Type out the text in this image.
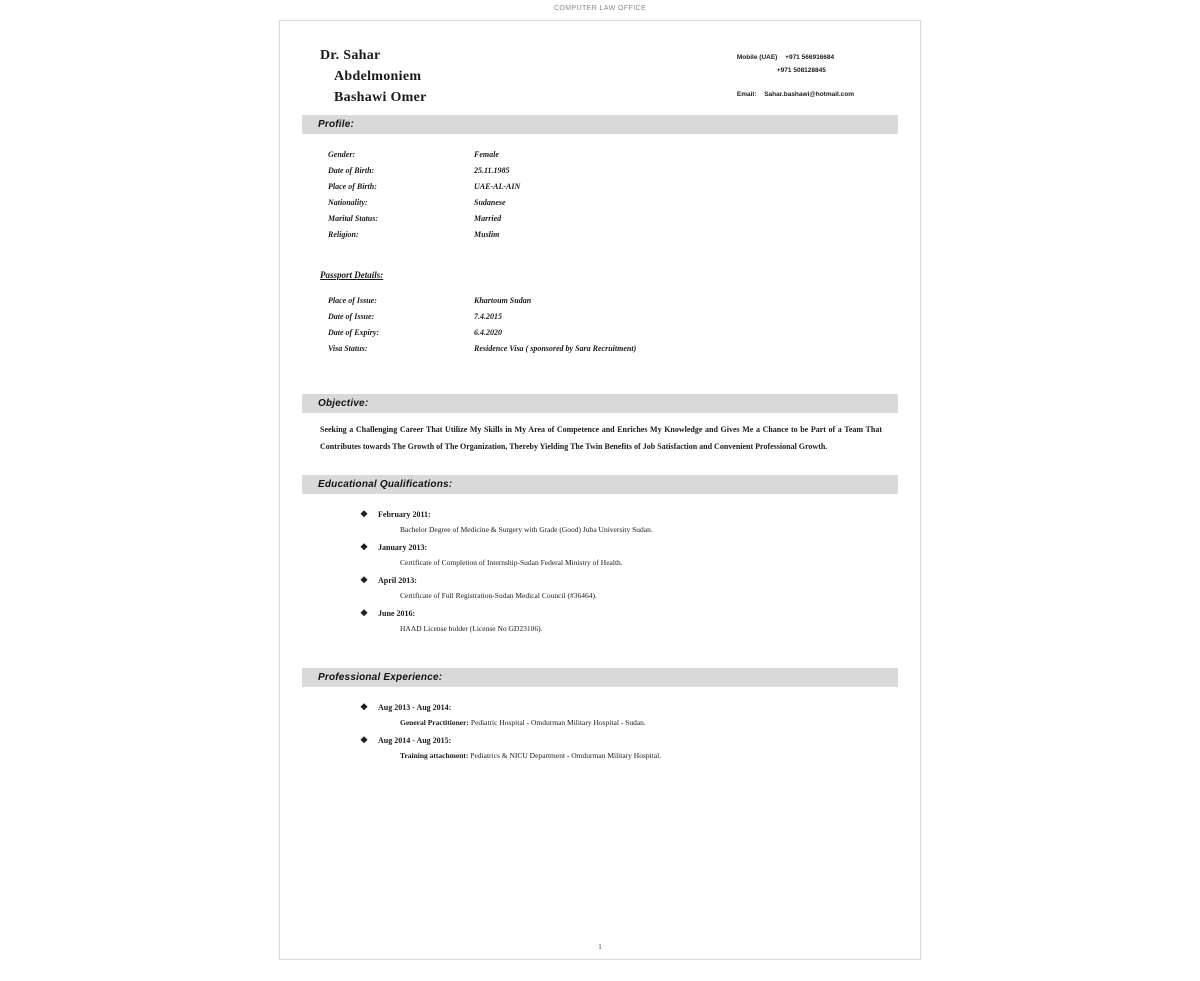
COMPUTER LAW OFFICE
Dr. Sahar
Abdelmoniem
Bashawi Omer
Mobile (UAE) +971 566916684
+971 508128845
Email: Sahar.bashawi@hotmail.com
Profile:
Gender:	Female
Date of Birth:	25.11.1985
Place of Birth:	UAE-AL-AIN
Nationality:	Sudanese
Marital Status:	Married
Religion:	Muslim
Passport Details:
Place of Issue:	Khartoum Sudan
Date of Issue:	7.4.2015
Date of Expiry:	6.4.2020
Visa Status:	Residence Visa ( sponsored by Sara Recruitment)
Objective:
Seeking a Challenging Career That Utilize My Skills in My Area of Competence and Enriches My Knowledge and Gives Me a Chance to be Part of a Team That Contributes towards The Growth of The Organization, Thereby Yielding The Twin Benefits of Job Satisfaction and Convenient Professional Growth.
Educational Qualifications:
❖ February 2011:
Bachelor Degree of Medicine & Surgery with Grade (Good) Juba University Sudan.
❖ January 2013:
Certificate of Completion of Internship-Sudan Federal Ministry of Health.
❖ April 2013:
Certificate of Full Registration-Sudan Medical Council (#36464).
❖ June 2016:
HAAD License holder (License No GD23106).
Professional Experience:
❖ Aug 2013 - Aug 2014:
General Practitioner: Pediatric Hospital - Omdurman Military Hospital - Sudan.
❖ Aug 2014 - Aug 2015:
Training attachment: Pediatrics & NICU Department - Omdurman Military Hospital.
1
